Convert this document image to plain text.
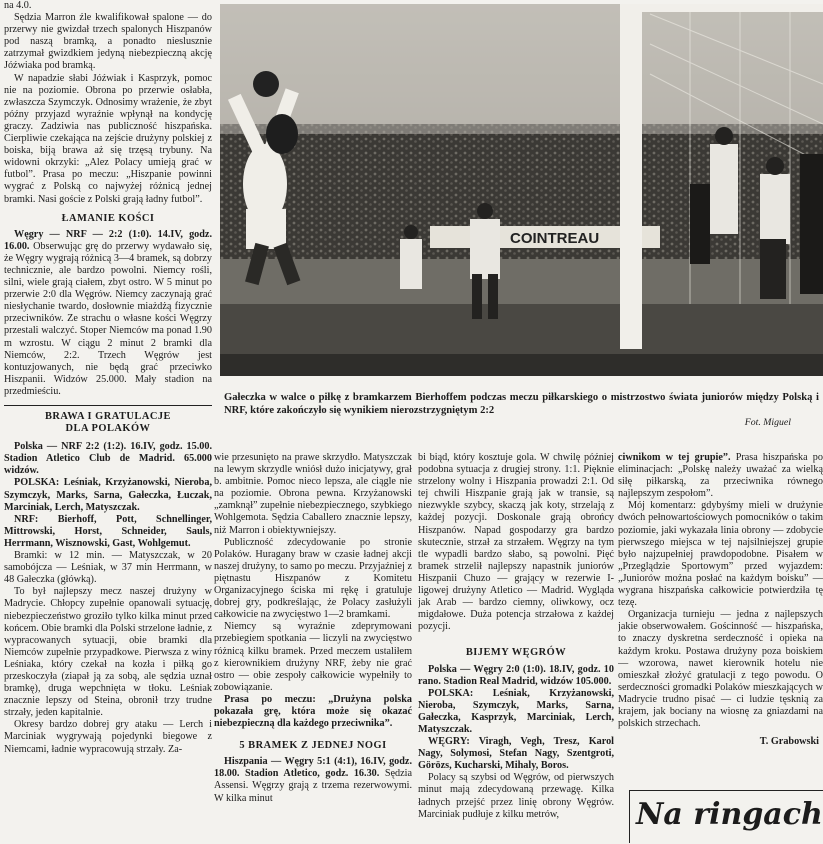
na 4.0.

Sędzia Marron źle kwalifikował spalone — do przerwy nie gwizdał trzech spalonych Hiszpanów pod naszą bramką, a ponadto nieslusznie zatrzymał gwizdkiem jedyną niebezpieczną akcję Jóźwiaka pod bramką.

W napadzie słabi Jóźwiak i Kasprzyk, pomoc nie na poziomie. Obrona po przerwie osłabła, zwłaszcza Szymczyk. Odnosimy wrażenie, że zbyt późny przyjazd wyraźnie wpłynął na kondycję graczy. Zadziwia nas publiczność hiszpańska. Cierpliwie czekająca na zejście drużyny polskiej z boiska, biją brawa aż się trzęsą trybuny. Na widowni okrzyki: „Alez Polacy umieją grać w futbol”. Prasa po meczu: „Hiszpanie powinni wygrać z Polską co najwyżej różnicą jednej bramki. Nasi goście z Polski grają ładny futbol”.

ŁAMANIE KOŚCI

Węgry — NRF — 2:2 (1:0). 14.IV, godz. 16.00. Obserwując grę do przerwy wydawało się, że Węgry wygrają różnicą 3—4 bramek, są dobrzy technicznie, ale bardzo powolni. Niemcy rośli, silni, wiele grają ciałem, zbyt ostro. W 5 minut po przerwie 2:0 dla Węgrów. Niemcy zaczynają grać niesłychanie twardo, dosłownie miażdżą fizycznie przeciwników. Ze strachu o własne kości Węgrzy przestali walczyć. Stoper Niemców ma ponad 1.90 m wzrostu. W ciągu 2 minut 2 bramki dla Niemców, 2:2. Trzech Węgrów jest kontuzjowanych, nie będą grać przeciwko Hiszpanii. Widzów 25.000. Mały stadion na przedmieściu.

BRAWA I GRATULACJE
DLA POLAKÓW

Polska — NRF 2:2 (1:2). 16.IV, godz. 15.00. Stadion Atletico Club de Madrid. 65.000 widzów.

POLSKA: Leśniak, Krzyżanowski, Nieroba, Szymczyk, Marks, Sarna, Gałeczka, Łuczak, Marciniak, Lerch, Matyszczak.

NRF: Bierhoff, Pott, Schnellinger, Mittrowski, Horst, Schneider, Sauls, Herrmann, Wisznowski, Gast, Wohlgemut.

Bramki: w 12 min. — Matyszczak, w 20 samobójcza — Leśniak, w 37 min Herrmann, w 48 Gałeczka (główką).

To był najlepszy mecz naszej drużyny w Madrycie. Chłopcy zupełnie opanowali sytuację, niebezpieczeństwo groziło tylko kilka minut przed końcem. Obie bramki dla Polski strzelone ładnie, z wypracowanych sytuacji, obie bramki dla Niemców zupełnie przypadkowe. Pierwsza z winy Leśniaka, który czekał na kozła i piłką go przeskoczyła (ziapał ją za sobą, ale sędzia uznał bramkę), druga wepchnięta w tłoku. Leśniak znacznie lepszy od Steina, obronił trzy trudne strzały, jeden kapitalnie.

Okresy bardzo dobrej gry ataku — Lerch i Marciniak wygrywają pojedynki biegowe z Niemcami, ładnie wypracowują strzały. Za-

COINTREAU
Gałeczka w walce o piłkę z bramkarzem Bierhoffem podczas meczu piłkarskiego o mistrzostwo świata juniorów między Polską i NRF, które zakończyło się wynikiem nierozstrzygniętym 2:2
Fot. Miguel

wie przesunięto na prawe skrzydło. Matyszczak na lewym skrzydle wniósł dużo inicjatywy, grał b. ambitnie. Pomoc nieco lepsza, ale ciągle nie na poziomie. Obrona pewna. Krzyżanowski „zamknął” zupełnie niebezpiecznego, szybkiego Wohlgemota. Sędzia Caballero znacznie lepszy, niż Marron i obiektywniejszy.

Publiczność zdecydowanie po stronie Polaków. Huragany braw w czasie ładnej akcji naszej drużyny, to samo po meczu. Przyjaźniej z piętnastu Hiszpanów z Komitetu Organizacyjnego ściska mi rękę i gratuluje dobrej gry, podkreślając, że Polacy zasłużyli całkowicie na zwycięstwo 1—2 bramkami.

Niemcy są wyraźnie zdeprymowani przebiegiem spotkania — liczyli na zwycięstwo różnicą kilku bramek. Przed meczem ustaliłem z kierownikiem drużyny NRF, żeby nie grać ostro — obie zespoły całkowicie wypełniły to zobowiązanie.

Prasa po meczu: „Drużyna polska pokazała grę, która może się okazać niebezpieczną dla każdego przeciwnika”.

5 BRAMEK Z JEDNEJ NOGI

Hiszpania — Węgry 5:1 (4:1), 16.IV, godz. 18.00. Stadion Atletico, godz. 16.30. Sędzia Assensi. Węgrzy grają z trzema rezerwowymi. W kilka minut

bi biąd, który kosztuje gola. W chwilę później podobna sytuacja z drugiej strony. 1:1. Pięknie strzelony wolny i Hiszpania prowadzi 2:1. Od tej chwili Hiszpanie grają jak w transie, są niezwykle szybcy, skaczą jak koty, strzelają z każdej pozycji. Doskonale grają obrońcy Hiszpanów. Napad gospodarzy gra bardzo skutecznie, strzał za strzałem. Węgrzy na tym tle wypadli bardzo słabo, są powolni. Pięć bramek strzelił najlepszy napastnik juniorów Hiszpanii Chuzo — grający w rezerwie I-ligowej drużyny Atletico — Madrid. Wygląda jak Arab — bardzo ciemny, oliwkowy, ocz migdałowe. Duża potencja strzałowa z każdej pozycji.

BIJEMY WĘGRÓW

Polska — Węgry 2:0 (1:0). 18.IV, godz. 10 rano. Stadion Real Madrid, widzów 105.000.

POLSKA: Leśniak, Krzyżanowski, Nieroba, Szymczyk, Marks, Sarna, Gałeczka, Kasprzyk, Marciniak, Lerch, Matyszczak.

WĘGRY: Viragh, Vegh, Tresz, Karol Nagy, Solymosi, Stefan Nagy, Szentgroti, Görözs, Kucharski, Mihaly, Boros.

Polacy są szybsi od Węgrów, od pierwszych minut mają zdecydowaną przewagę. Kilka ładnych przejść przez linię obrony Węgrów. Marciniak pudłuje z kilku metrów,

ciwnikom w tej grupie”. Prasa hiszpańska po eliminacjach: „Polskę należy uważać za wielką siłę piłkarską, za przeciwnika równego najlepszym zespołom”.

Mój komentarz: gdybyśmy mieli w drużynie dwóch pełnowartościowych pomocników o takim poziomie, jaki wykazała linia obrony — zdobycie pierwszego miejsca w tej najsilniejszej grupie było najzupełniej prawdopodobne. Pisałem w „Przeglądzie Sportowym” przed wyjazdem: „Juniorów można posłać na każdym boisku” — wygrana hiszpańska całkowicie potwierdziła tę tezę.

Organizacja turnieju — jedna z najlepszych jakie obserwowałem. Gościnność — hiszpańska, to znaczy dyskretna serdeczność i opieka na każdym kroku. Postawa drużyny poza boiskiem — wzorowa, nawet kierownik hotelu nie omieszkał złożyć gratulacji z tego powodu. O serdeczności gromadki Polaków mieszkających w Madrycie trudno pisać — ci ludzie tęsknią za krajem, jak bociany na wiosnę za gniazdami na polskich strzechach.

T. Grabowski
Na ringach
